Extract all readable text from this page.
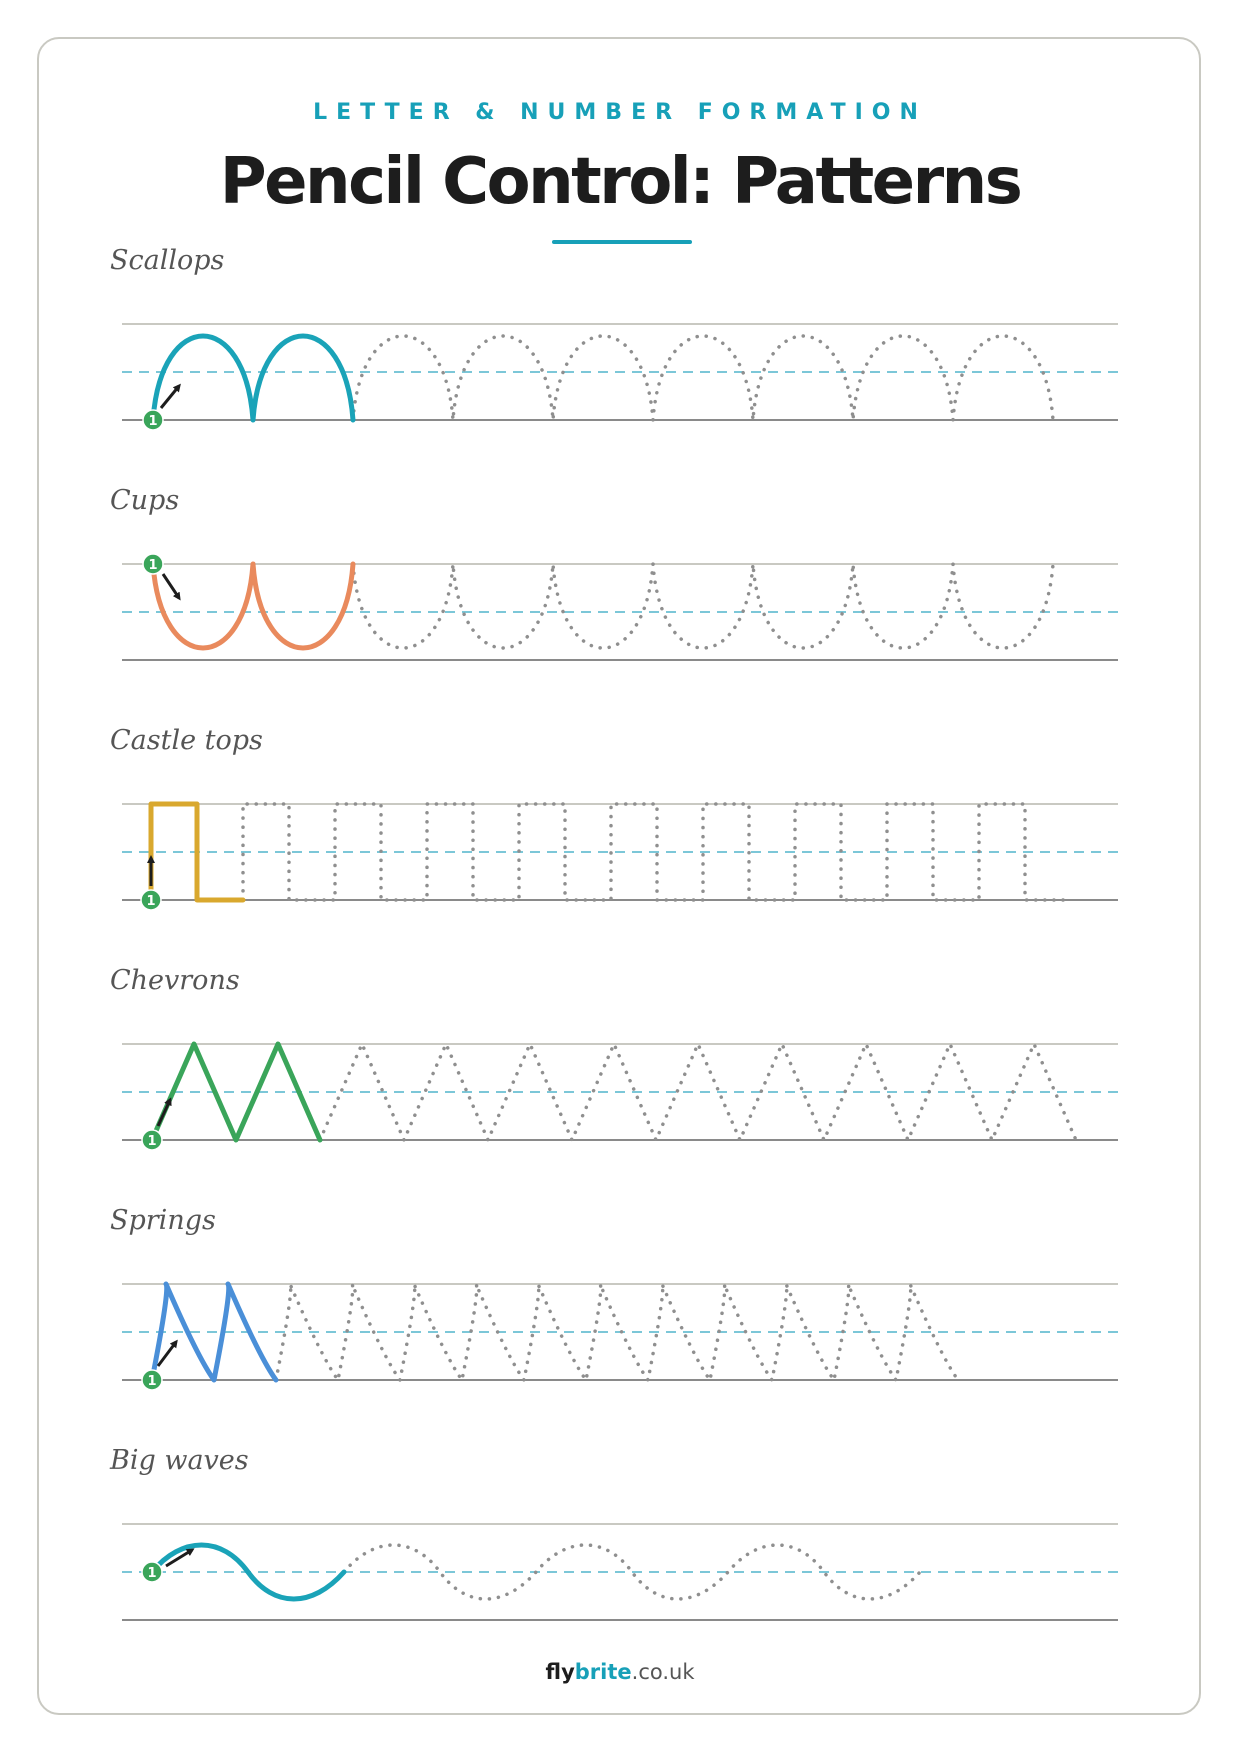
LETTER & NUMBER FORMATION
Pencil Control: Patterns
Scallops
Cups
Castle tops
Chevrons
Springs
Big waves
1
1
1
1
1
1
flybrite.co.uk
